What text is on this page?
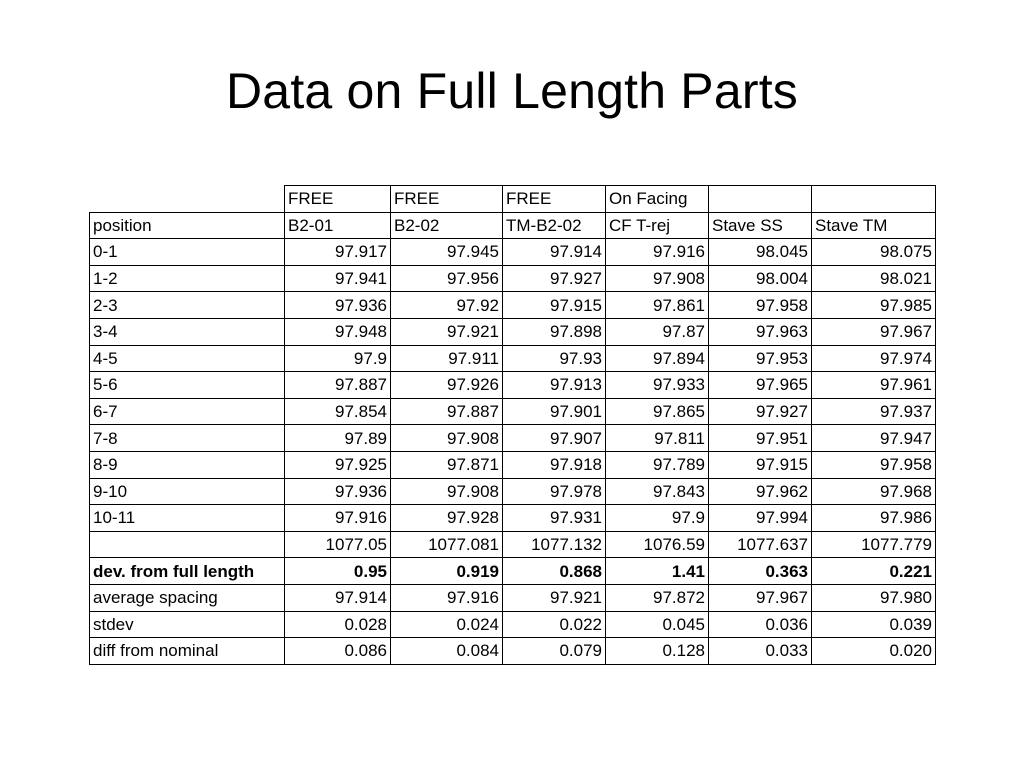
Data on Full Length Parts
	FREE	FREE	FREE	On Facing		
position	B2-01	B2-02	TM-B2-02	CF T-rej	Stave SS	Stave TM
0-1	97.917	97.945	97.914	97.916	98.045	98.075
1-2	97.941	97.956	97.927	97.908	98.004	98.021
2-3	97.936	97.92	97.915	97.861	97.958	97.985
3-4	97.948	97.921	97.898	97.87	97.963	97.967
4-5	97.9	97.911	97.93	97.894	97.953	97.974
5-6	97.887	97.926	97.913	97.933	97.965	97.961
6-7	97.854	97.887	97.901	97.865	97.927	97.937
7-8	97.89	97.908	97.907	97.811	97.951	97.947
8-9	97.925	97.871	97.918	97.789	97.915	97.958
9-10	97.936	97.908	97.978	97.843	97.962	97.968
10-11	97.916	97.928	97.931	97.9	97.994	97.986
	1077.05	1077.081	1077.132	1076.59	1077.637	1077.779
dev. from full length	0.95	0.919	0.868	1.41	0.363	0.221
average spacing	97.914	97.916	97.921	97.872	97.967	97.980
stdev	0.028	0.024	0.022	0.045	0.036	0.039
diff from nominal	0.086	0.084	0.079	0.128	0.033	0.020
